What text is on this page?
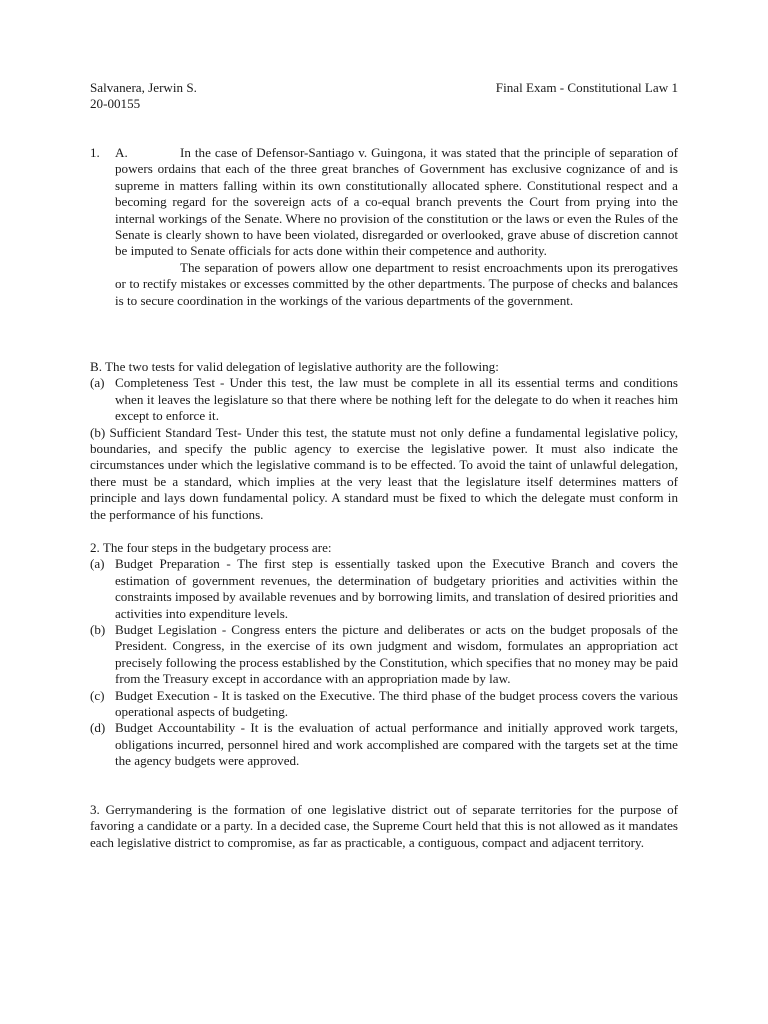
Salvanera, Jerwin S.	Final Exam - Constitutional Law 1
20-00155
1. A.	In the case of Defensor-Santiago v. Guingona, it was stated that the principle of separation of powers ordains that each of the three great branches of Government has exclusive cognizance of and is supreme in matters falling within its own constitutionally allocated sphere. Constitutional respect and a becoming regard for the sovereign acts of a co-equal branch prevents the Court from prying into the internal workings of the Senate. Where no provision of the constitution or the laws or even the Rules of the Senate is clearly shown to have been violated, disregarded or overlooked, grave abuse of discretion cannot be imputed to Senate officials for acts done within their competence and authority.
The separation of powers allow one department to resist encroachments upon its prerogatives or to rectify mistakes or excesses committed by the other departments. The purpose of checks and balances is to secure coordination in the workings of the various departments of the government.
B. The two tests for valid delegation of legislative authority are the following:
(a) Completeness Test - Under this test, the law must be complete in all its essential terms and conditions when it leaves the legislature so that there where be nothing left for the delegate to do when it reaches him except to enforce it.
(b) Sufficient Standard Test- Under this test, the statute must not only define a fundamental legislative policy, boundaries, and specify the public agency to exercise the legislative power. It must also indicate the circumstances under which the legislative command is to be effected. To avoid the taint of unlawful delegation, there must be a standard, which implies at the very least that the legislature itself determines matters of principle and lays down fundamental policy. A standard must be fixed to which the delegate must conform in the performance of his functions.
2. The four steps in the budgetary process are:
(a) Budget Preparation - The first step is essentially tasked upon the Executive Branch and covers the estimation of government revenues, the determination of budgetary priorities and activities within the constraints imposed by available revenues and by borrowing limits, and translation of desired priorities and activities into expenditure levels.
(b) Budget Legislation - Congress enters the picture and deliberates or acts on the budget proposals of the President. Congress, in the exercise of its own judgment and wisdom, formulates an appropriation act precisely following the process established by the Constitution, which specifies that no money may be paid from the Treasury except in accordance with an appropriation made by law.
(c) Budget Execution - It is tasked on the Executive. The third phase of the budget process covers the various operational aspects of budgeting.
(d) Budget Accountability - It is the evaluation of actual performance and initially approved work targets, obligations incurred, personnel hired and work accomplished are compared with the targets set at the time the agency budgets were approved.
3. Gerrymandering is the formation of one legislative district out of separate territories for the purpose of favoring a candidate or a party. In a decided case, the Supreme Court held that this is not allowed as it mandates each legislative district to compromise, as far as practicable, a contiguous, compact and adjacent territory.
